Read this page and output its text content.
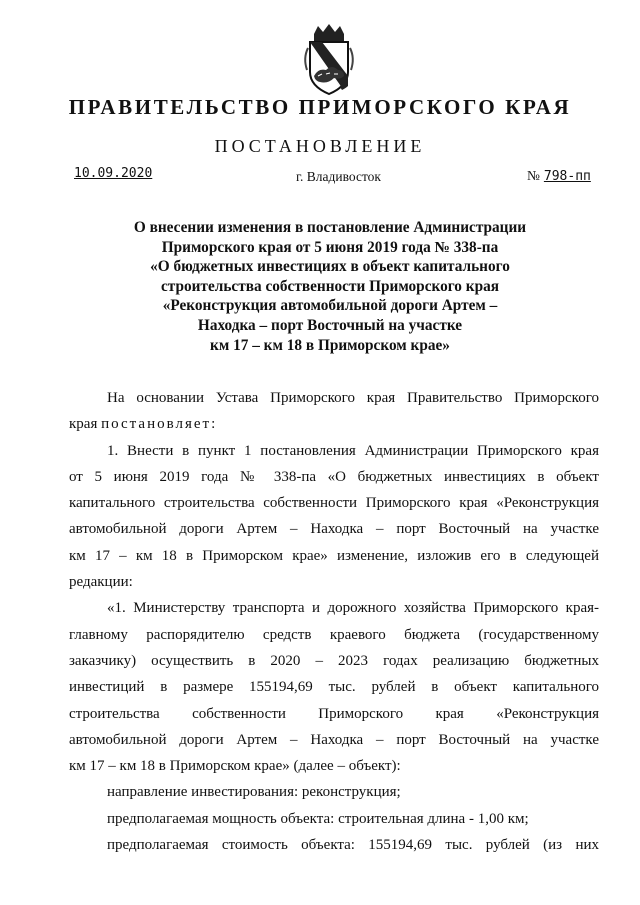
ПРАВИТЕЛЬСТВО ПРИМОРСКОГО КРАЯ
ПОСТАНОВЛЕНИЕ
10.09.2020	г. Владивосток	№ 798-пп
О внесении изменения в постановление Администрации
Приморского края от 5 июня 2019 года № 338-па
«О бюджетных инвестициях в объект капитального
строительства собственности Приморского края
«Реконструкция автомобильной дороги Артем –
Находка – порт Восточный на участке
км 17 – км 18 в Приморском крае»
На основании Устава Приморского края Правительство Приморского
края постановляет:
1. Внести в пункт 1 постановления Администрации Приморского края
от 5 июня 2019 года № 338-па «О бюджетных инвестициях в объект
капитального строительства собственности Приморского края «Реконструкция
автомобильной дороги Артем – Находка – порт Восточный на участке
км 17 – км 18 в Приморском крае» изменение, изложив его в следующей
редакции:
«1. Министерству транспорта и дорожного хозяйства Приморского края-
главному распорядителю средств краевого бюджета (государственному
заказчику) осуществить в 2020 – 2023 годах реализацию бюджетных
инвестиций в размере 155194,69 тыс. рублей в объект капитального
строительства собственности Приморского края «Реконструкция
автомобильной дороги Артем – Находка – порт Восточный на участке
км 17 – км 18 в Приморском крае» (далее – объект):
направление инвестирования: реконструкция;
предполагаемая мощность объекта: строительная длина - 1,00 км;
предполагаемая стоимость объекта: 155194,69 тыс. рублей (из них
